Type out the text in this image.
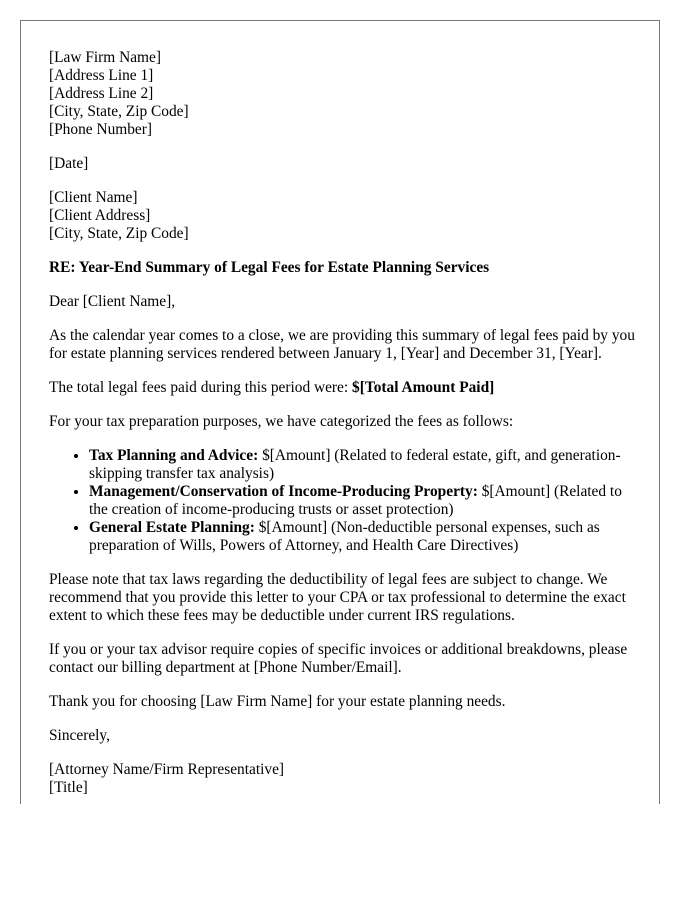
[Law Firm Name]
[Address Line 1]
[Address Line 2]
[City, State, Zip Code]
[Phone Number]
[Date]
[Client Name]
[Client Address]
[City, State, Zip Code]

RE: Year-End Summary of Legal Fees for Estate Planning Services

Dear [Client Name],

As the calendar year comes to a close, we are providing this summary of legal fees paid by you for estate planning services rendered between January 1, [Year] and December 31, [Year].

The total legal fees paid during this period were: $[Total Amount Paid]

For your tax preparation purposes, we have categorized the fees as follows:

• Tax Planning and Advice: $[Amount] (Related to federal estate, gift, and generation-skipping transfer tax analysis)
• Management/Conservation of Income-Producing Property: $[Amount] (Related to the creation of income-producing trusts or asset protection)
• General Estate Planning: $[Amount] (Non-deductible personal expenses, such as preparation of Wills, Powers of Attorney, and Health Care Directives)

Please note that tax laws regarding the deductibility of legal fees are subject to change. We recommend that you provide this letter to your CPA or tax professional to determine the exact extent to which these fees may be deductible under current IRS regulations.

If you or your tax advisor require copies of specific invoices or additional breakdowns, please contact our billing department at [Phone Number/Email].

Thank you for choosing [Law Firm Name] for your estate planning needs.

Sincerely,

[Attorney Name/Firm Representative]
[Title]
